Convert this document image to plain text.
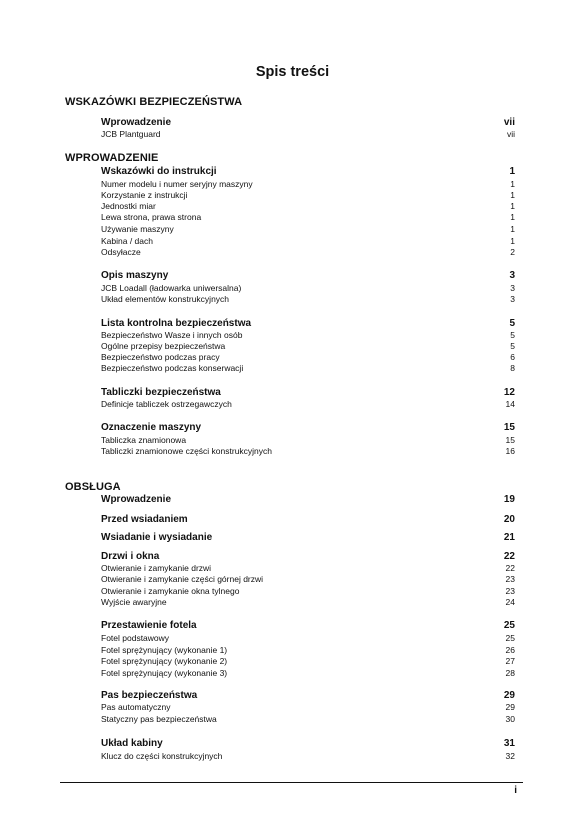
Spis treści
WSKAZÓWKI BEZPIECZEŃSTWA
Wprowadzenie	vii
JCB Plantguard	vii
WPROWADZENIE
Wskazówki do instrukcji	1
Numer modelu i numer seryjny maszyny	1
Korzystanie z instrukcji	1
Jednostki miar	1
Lewa strona, prawa strona	1
Używanie maszyny	1
Kabina / dach	1
Odsyłacze	2
Opis maszyny	3
JCB Loadall (ładowarka uniwersalna)	3
Układ elementów konstrukcyjnych	3
Lista kontrolna bezpieczeństwa	5
Bezpieczeństwo Wasze i innych osób	5
Ogólne przepisy bezpieczeństwa	5
Bezpieczeństwo podczas pracy	6
Bezpieczeństwo podczas konserwacji	8
Tabliczki bezpieczeństwa	12
Definicje tabliczek ostrzegawczych	14
Oznaczenie maszyny	15
Tabliczka znamionowa	15
Tabliczki znamionowe części konstrukcyjnych	16
OBSŁUGA
Wprowadzenie	19
Przed wsiadaniem	20
Wsiadanie i wysiadanie	21
Drzwi i okna	22
Otwieranie i zamykanie drzwi	22
Otwieranie i zamykanie części górnej drzwi	23
Otwieranie i zamykanie okna tylnego	23
Wyjście awaryjne	24
Przestawienie fotela	25
Fotel podstawowy	25
Fotel sprężynujący (wykonanie 1)	26
Fotel sprężynujący (wykonanie 2)	27
Fotel sprężynujący (wykonanie 3)	28
Pas bezpieczeństwa	29
Pas automatyczny	29
Statyczny pas bezpieczeństwa	30
Układ kabiny	31
Klucz do części konstrukcyjnych	32
i
